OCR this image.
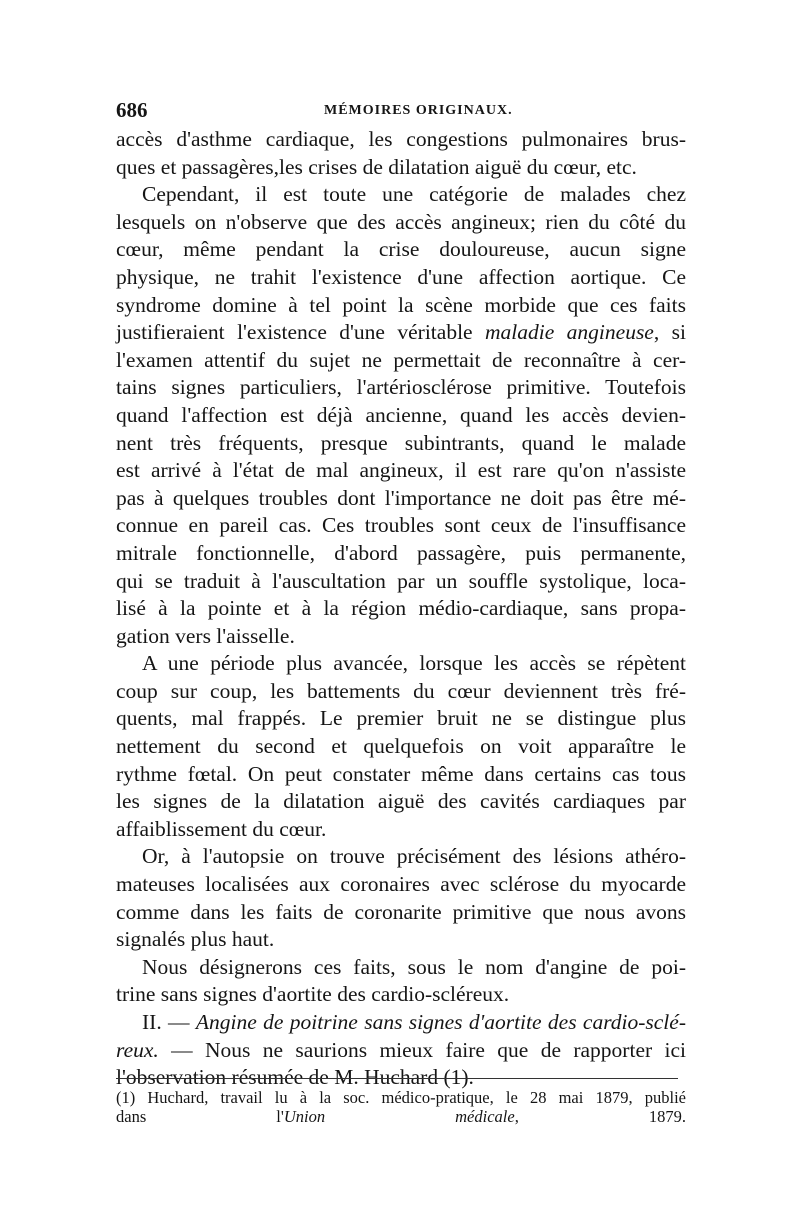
686	MÉMOIRES ORIGINAUX.

accès d'asthme cardiaque, les congestions pulmonaires brus-
ques et passagères,les crises de dilatation aiguë du cœur, etc.

Cependant, il est toute une catégorie de malades chez
lesquels on n'observe que des accès angineux; rien du côté du
cœur, même pendant la crise douloureuse, aucun signe
physique, ne trahit l'existence d'une affection aortique. Ce
syndrome domine à tel point la scène morbide que ces faits
justifieraient l'existence d'une véritable maladie angineuse, si
l'examen attentif du sujet ne permettait de reconnaître à cer-
tains signes particuliers, l'artériosclérose primitive. Toutefois
quand l'affection est déjà ancienne, quand les accès devien-
nent très fréquents, presque subintrants, quand le malade
est arrivé à l'état de mal angineux, il est rare qu'on n'assiste
pas à quelques troubles dont l'importance ne doit pas être mé-
connue en pareil cas. Ces troubles sont ceux de l'insuffisance
mitrale fonctionnelle, d'abord passagère, puis permanente,
qui se traduit à l'auscultation par un souffle systolique, loca-
lisé à la pointe et à la région médio-cardiaque, sans propa-
gation vers l'aisselle.

A une période plus avancée, lorsque les accès se répètent
coup sur coup, les battements du cœur deviennent très fré-
quents, mal frappés. Le premier bruit ne se distingue plus
nettement du second et quelquefois on voit apparaître le
rythme fœtal. On peut constater même dans certains cas tous
les signes de la dilatation aiguë des cavités cardiaques par
affaiblissement du cœur.

Or, à l'autopsie on trouve précisément des lésions athéro-
mateuses localisées aux coronaires avec sclérose du myocarde
comme dans les faits de coronarite primitive que nous avons
signalés plus haut.

Nous désignerons ces faits, sous le nom d'angine de poi-
trine sans signes d'aortite des cardio-scléreux.

II. — Angine de poitrine sans signes d'aortite des cardio-sclé-
reux. — Nous ne saurions mieux faire que de rapporter ici
l'observation résumée de M. Huchard (1).

(1) Huchard, travail lu à la soc. médico-pratique, le 28 mai 1879, publié
dans l'Union médicale, 1879.
